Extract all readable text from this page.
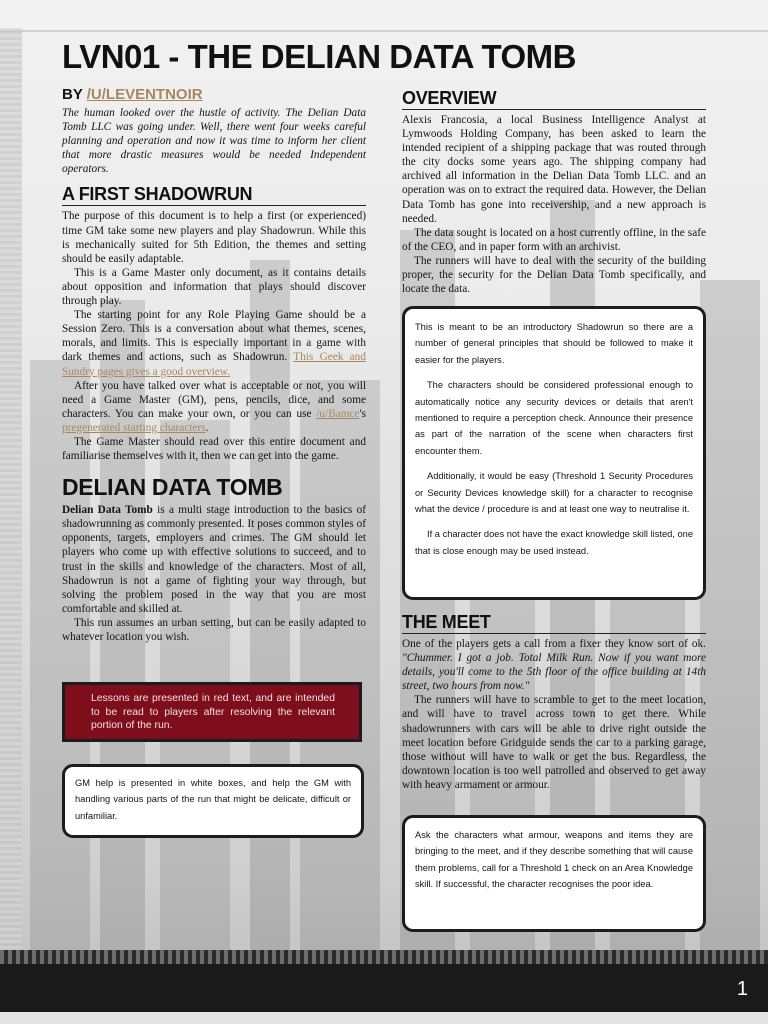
LVN01 - THE DELIAN DATA TOMB
BY /U/LEVENTNOIR

The human looked over the hustle of activity. The Delian Data Tomb LLC was going under. Well, there went four weeks careful planning and operation and now it was time to inform her client that more drastic measures would be needed Independent operators.

A FIRST SHADOWRUN

The purpose of this document is to help a first (or experienced) time GM take some new players and play Shadowrun. While this is mechanically suited for 5th Edition, the themes and setting should be easily adaptable.

This is a Game Master only document, as it contains details about opposition and information that plays should discover through play.

The starting point for any Role Playing Game should be a Session Zero. This is a conversation about what themes, scenes, morals, and limits. This is especially important in a game with dark themes and actions, such as Shadowrun. This Geek and Sundry pages gives a good overview.

After you have talked over what is acceptable or not, you will need a Game Master (GM), pens, pencils, dice, and some characters. You can make your own, or you can use /u/Bamce's pregenerated starting characters.

The Game Master should read over this entire document and familiarise themselves with it, then we can get into the game.

DELIAN DATA TOMB

Delian Data Tomb is a multi stage introduction to the basics of shadowrunning as commonly presented. It poses common styles of opponents, targets, employers and crimes. The GM should let players who come up with effective solutions to succeed, and to trust in the skills and knowledge of the characters. Most of all, Shadowrun is not a game of fighting your way through, but solving the problem posed in the way that you are most comfortable and skilled at.

This run assumes an urban setting, but can be easily adapted to whatever location you wish.

Lessons are presented in red text, and are intended to be read to players after resolving the relevant portion of the run.

GM help is presented in white boxes, and help the GM with handling various parts of the run that might be delicate, difficult or unfamiliar.

OVERVIEW

Alexis Francosia, a local Business Intelligence Analyst at Lymwoods Holding Company, has been asked to learn the intended recipient of a shipping package that was routed through the city docks some years ago. The shipping company had archived all information in the Delian Data Tomb LLC. and an operation was on to extract the required data. However, the Delian Data Tomb has gone into receivership, and a new approach is needed.

The data sought is located on a host currently offline, in the safe of the CEO, and in paper form with an archivist.

The runners will have to deal with the security of the building proper, the security for the Delian Data Tomb specifically, and locate the data.

This is meant to be an introductory Shadowrun so there are a number of general principles that should be followed to make it easier for the players.

The characters should be considered professional enough to automatically notice any security devices or details that aren't mentioned to require a perception check. Announce their presence as part of the narration of the scene when characters first encounter them.

Additionally, it would be easy (Threshold 1 Security Procedures or Security Devices knowledge skill) for a character to recognise what the device / procedure is and at least one way to neutralise it.

If a character does not have the exact knowledge skill listed, one that is close enough may be used instead.

THE MEET

One of the players gets a call from a fixer they know sort of ok. "Chummer. I got a job. Total Milk Run. Now if you want more details, you'll come to the 5th floor of the office building at 14th street, two hours from now."

The runners will have to scramble to get to the meet location, and will have to travel across town to get there. While shadowrunners with cars will be able to drive right outside the meet location before Gridguide sends the car to a parking garage, those without will have to walk or get the bus. Regardless, the downtown location is too well patrolled and observed to get away with heavy armament or armour.

Ask the characters what armour, weapons and items they are bringing to the meet, and if they describe something that will cause them problems, call for a Threshold 1 check on an Area Knowledge skill. If successful, the character recognises the poor idea.

1
